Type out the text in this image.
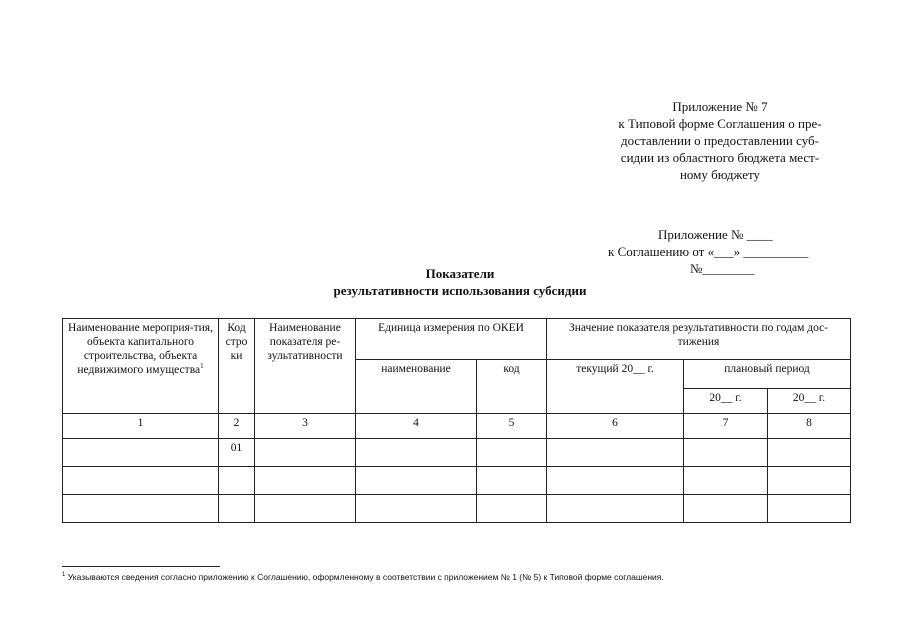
Приложение № 7
к Типовой форме Соглашения о пре-
доставлении о предоставлении суб-
сидии из областного бюджета мест-
ному бюджету
Приложение № ____
к Соглашению от «___» __________
№________
Показатели
результативности использования субсидии
Наименование мероприя-тия, объекта капитального строительства, объекта недвижимого имущества$^1$	Код стро ки	Наименование показателя ре-зультативности	Единица измерения по ОКЕИ		Значение показателя результативности по годам дос-тижения		
			наименование	код	текущий 20__ г.	плановый период	
						20__ г.	20__ г.
1	2	3	4	5	6	7	8
	01						

$^1$ Указываются сведения согласно приложению к Соглашению, оформленному в соответствии с приложением № 1 (№ 5) к Типовой форме соглашения.
